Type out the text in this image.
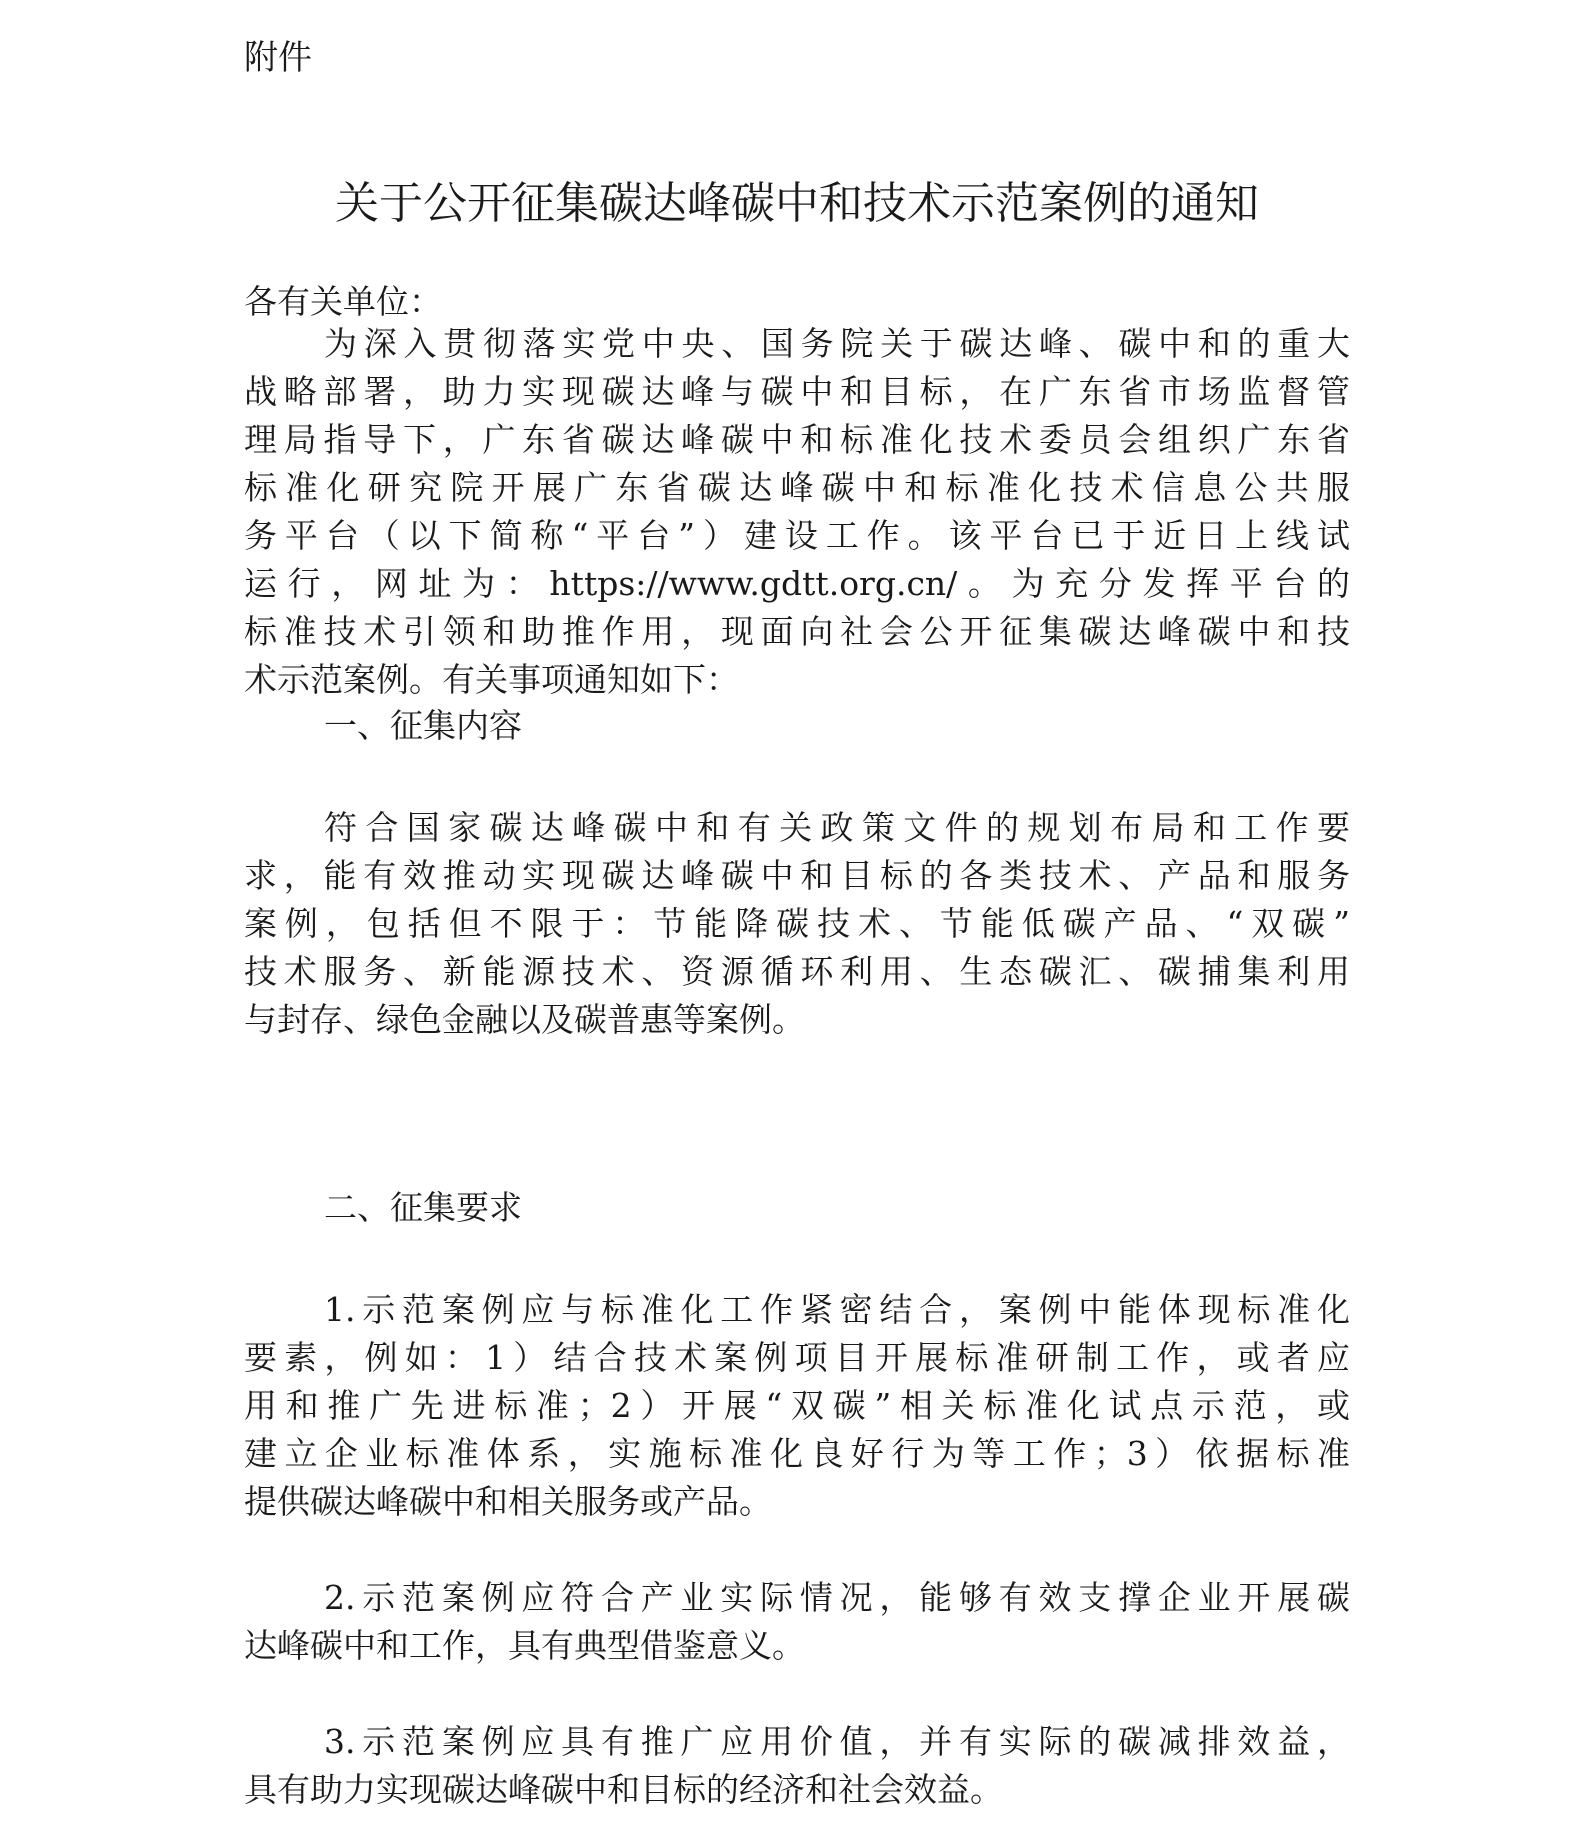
附件
关于公开征集碳达峰碳中和技术示范案例的通知
各有关单位：
为深入贯彻落实党中央、国务院关于碳达峰、碳中和的重大
战略部署，助力实现碳达峰与碳中和目标，在广东省市场监督管
理局指导下，广东省碳达峰碳中和标准化技术委员会组织广东省
标准化研究院开展广东省碳达峰碳中和标准化技术信息公共服
务平台（以下简称“平台”）建设工作。该平台已于近日上线试
运行，网址为：https://www.gdtt.org.cn/。为充分发挥平台的
标准技术引领和助推作用，现面向社会公开征集碳达峰碳中和技
术示范案例。有关事项通知如下：
一、征集内容
符合国家碳达峰碳中和有关政策文件的规划布局和工作要
求，能有效推动实现碳达峰碳中和目标的各类技术、产品和服务
案例，包括但不限于：节能降碳技术、节能低碳产品、“双碳”
技术服务、新能源技术、资源循环利用、生态碳汇、碳捕集利用
与封存、绿色金融以及碳普惠等案例。
二、征集要求
1.示范案例应与标准化工作紧密结合，案例中能体现标准化
要素，例如：1）结合技术案例项目开展标准研制工作，或者应
用和推广先进标准；2）开展“双碳”相关标准化试点示范，或
建立企业标准体系，实施标准化良好行为等工作；3）依据标准
提供碳达峰碳中和相关服务或产品。
2.示范案例应符合产业实际情况，能够有效支撑企业开展碳
达峰碳中和工作，具有典型借鉴意义。
3.示范案例应具有推广应用价值，并有实际的碳减排效益，
具有助力实现碳达峰碳中和目标的经济和社会效益。
